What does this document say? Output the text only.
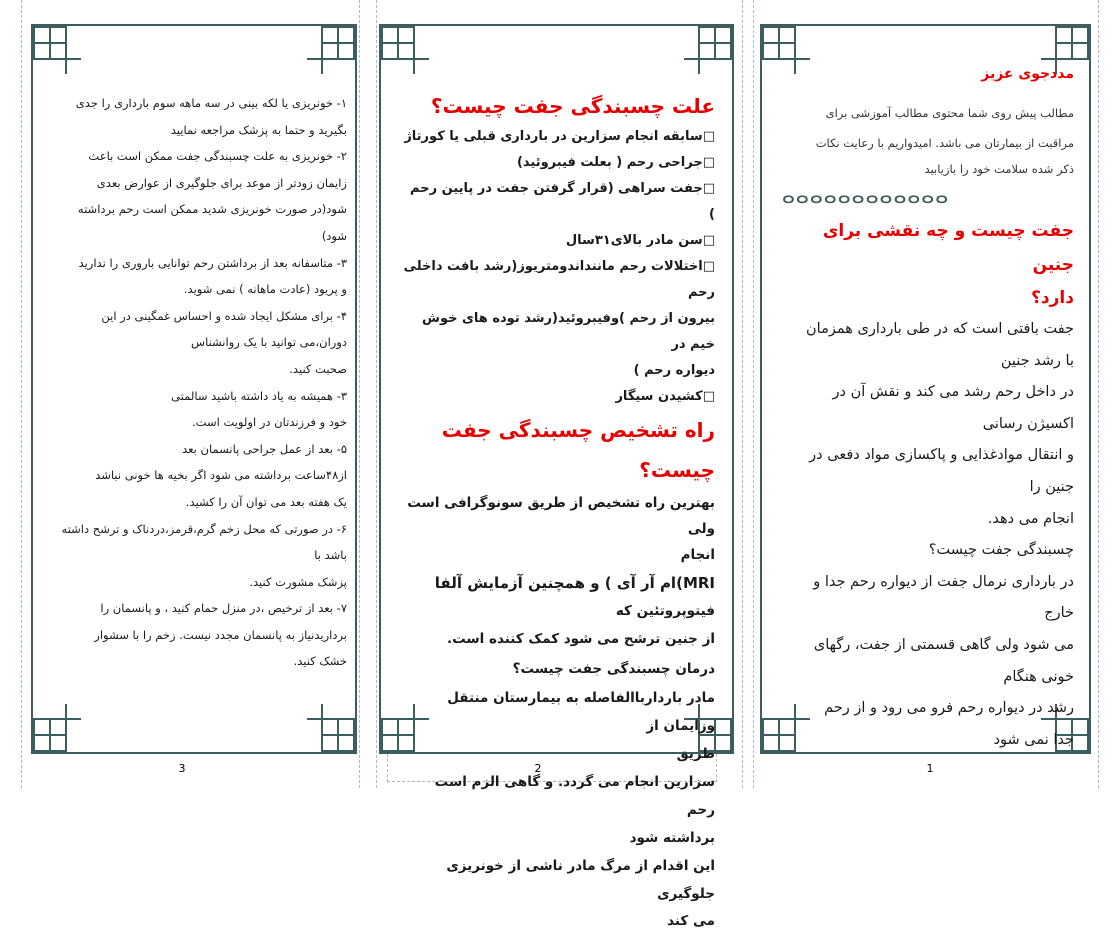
۱- خونریزی یا لکه بینی در سه ماهه سوم بارداری را جدی

بگیرید و حتما به پزشک مراجعه نمایید

۲- خونریزی به علت چسبندگی جفت ممکن است باعث

زایمان زودتر از موعد برای جلوگیری از عوارض بعدی

شود(در صورت خونریزی شدید ممکن است رحم برداشته شود)

۳- متاسفانه بعد از برداشتن رحم توانایی باروری را ندارید

و پریود (عادت ماهانه ) نمی شوید.

۴- برای مشکل ایجاد شده و احساس غمگینی در این

دوران،می توانید با یک روانشناس

صحبت کنید.

۳- همیشه به یاد داشته باشید سالمتی

خود و فرزندتان در اولویت است.

۵- بعد از عمل جراحی پانسمان بعد

از۴۸ساعت برداشته می شود اگر بخیه ها خونی نباشد

یک هفته بعد می توان آن را کشید.

۶- در صورتی که محل زخم گرم،قرمز،دردناک و ترشح داشته

باشد با

پزشک مشورت کنید.

۷- بعد از ترخیص ،در منزل حمام کنید ، و پانسمان را

برداریدنیاز به پانسمان مجدد نیست. زخم را با سشوار

خشک کنید.

3

علت چسبندگی جفت چیست؟

□سابقه انجام سزارین در بارداری قبلی یا کورتاژ
□جراحی رحم ( بعلت فیبروئید)
□جفت سراهی (قرار گرفتن جفت در پایین رحم )
□سن مادر بالای۳۱سال
□اختلالات رحم ماننداندومتریوز(رشد بافت داخلی رحم
بیرون از رحم )وفیبروئید(رشد توده های خوش خیم در
دیواره رحم )
□کشیدن سیگار

راه تشخیص چسبندگی جفت چیست؟

بهترین راه تشخیص از طریق سونوگرافی است ولی

انجام

MRI)ام آر آی ) و همچنین آزمایش آلفا

فیتوپروتئین که

از جنین ترشح می شود کمک کننده است.

درمان چسبندگی جفت چیست؟

مادر باردارباالفاصله به بیمارستان منتقل وزایمان از

طریق

سزارین انجام می گردد. و گاهی الزم است رحم

برداشته شود

این اقدام از مرگ مادر ناشی از خونریزی جلوگیری

می کند

2

مددجوی عزیز

مطالب پیش روی شما محتوی مطالب آموزشی برای

مراقبت از بیمارتان می باشد. امیدواریم با رعایت نکات

ذکر شده سلامت خود را بازیابید

ⴰⴰⴰⴰⴰⴰⴰⴰⴰⴰⴰⴰ

جفت چیست و چه نقشی برای جنین

دارد؟

جفت بافتی است که در طی بارداری همزمان

با رشد جنین

در داخل رحم رشد می کند و نقش آن در

اکسیژن رسانی

و انتقال موادغذایی و پاکسازی مواد دفعی در

جنین را

انجام می دهد.

چسبندگی جفت چیست؟

در بارداری نرمال جفت از دیواره رحم جدا و

خارج

می شود ولی گاهی قسمتی از جفت، رگهای

خونی هنگام

رشد در دیواره رحم فرو می رود و از رحم

جدا نمی شود

1
